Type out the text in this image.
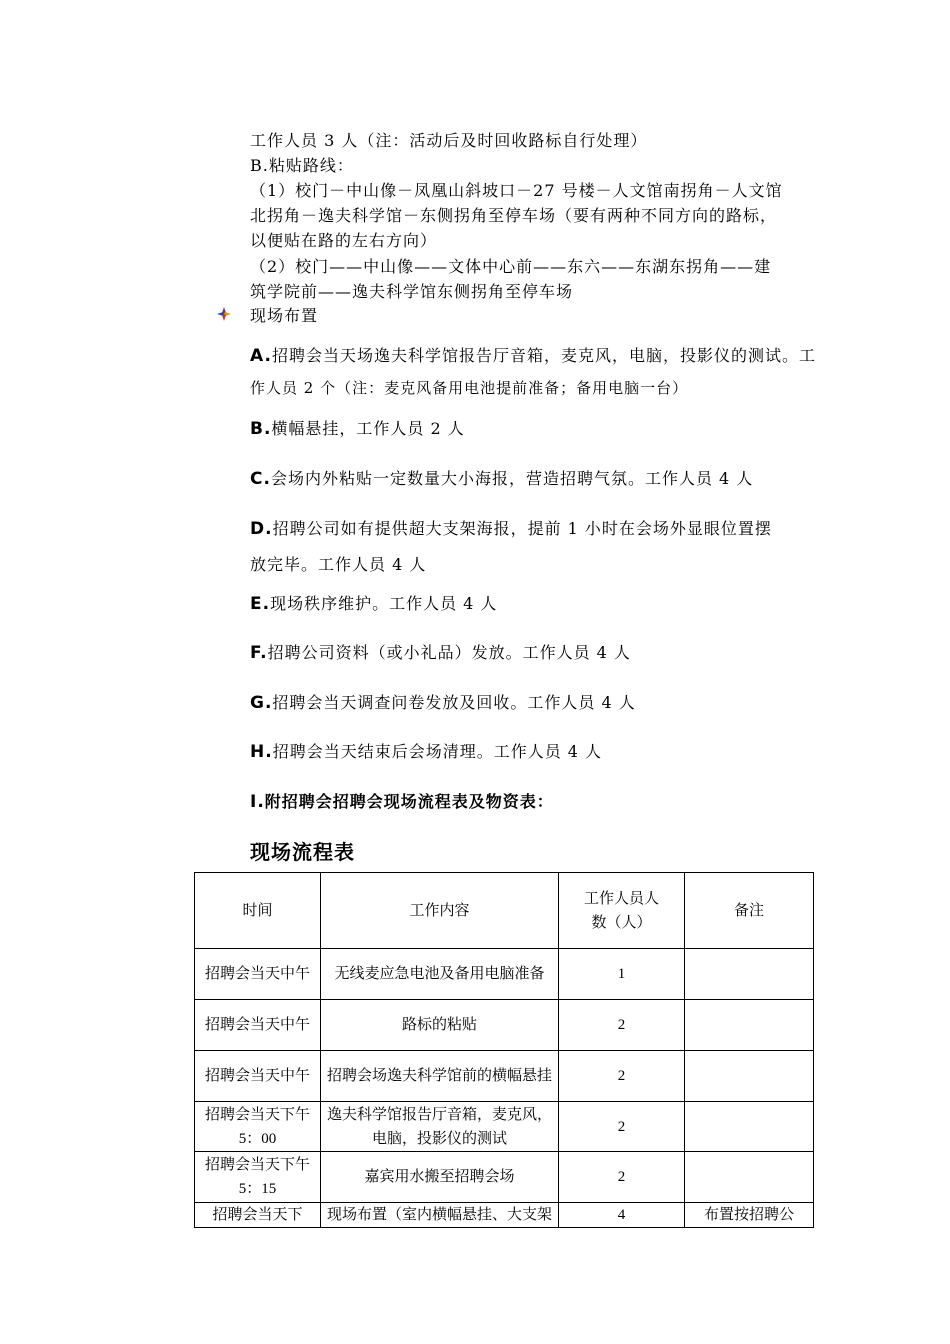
工作人员 3 人（注：活动后及时回收路标自行处理）
B.粘贴路线：
（1）校门－中山像－凤凰山斜坡口－27 号楼－人文馆南拐角－人文馆
北拐角－逸夫科学馆－东侧拐角至停车场（要有两种不同方向的路标，
以便贴在路的左右方向）
（2）校门——中山像——文体中心前——东六——东湖东拐角——建
筑学院前——逸夫科学馆东侧拐角至停车场
现场布置
A.招聘会当天场逸夫科学馆报告厅音箱，麦克风，电脑，投影仪的测试。工
作人员 2 个（注：麦克风备用电池提前准备；备用电脑一台）
B.横幅悬挂，工作人员 2 人
C.会场内外粘贴一定数量大小海报，营造招聘气氛。工作人员 4 人
D.招聘公司如有提供超大支架海报，提前 1 小时在会场外显眼位置摆
放完毕。工作人员 4 人
E.现场秩序维护。工作人员 4 人
F.招聘公司资料（或小礼品）发放。工作人员 4 人
G.招聘会当天调查问卷发放及回收。工作人员 4 人
H.招聘会当天结束后会场清理。工作人员 4 人
I.附招聘会招聘会现场流程表及物资表：
现场流程表
时间	工作内容	工作人员人数（人）	备注
招聘会当天中午	无线麦应急电池及备用电脑准备	1	
招聘会当天中午	路标的粘贴	2	
招聘会当天中午	招聘会场逸夫科学馆前的横幅悬挂	2	
招聘会当天下午 5：00	逸夫科学馆报告厅音箱，麦克风，电脑，投影仪的测试	2	
招聘会当天下午 5：15	嘉宾用水搬至招聘会场	2	
招聘会当天下	现场布置（室内横幅悬挂、大支架	4	布置按招聘公
